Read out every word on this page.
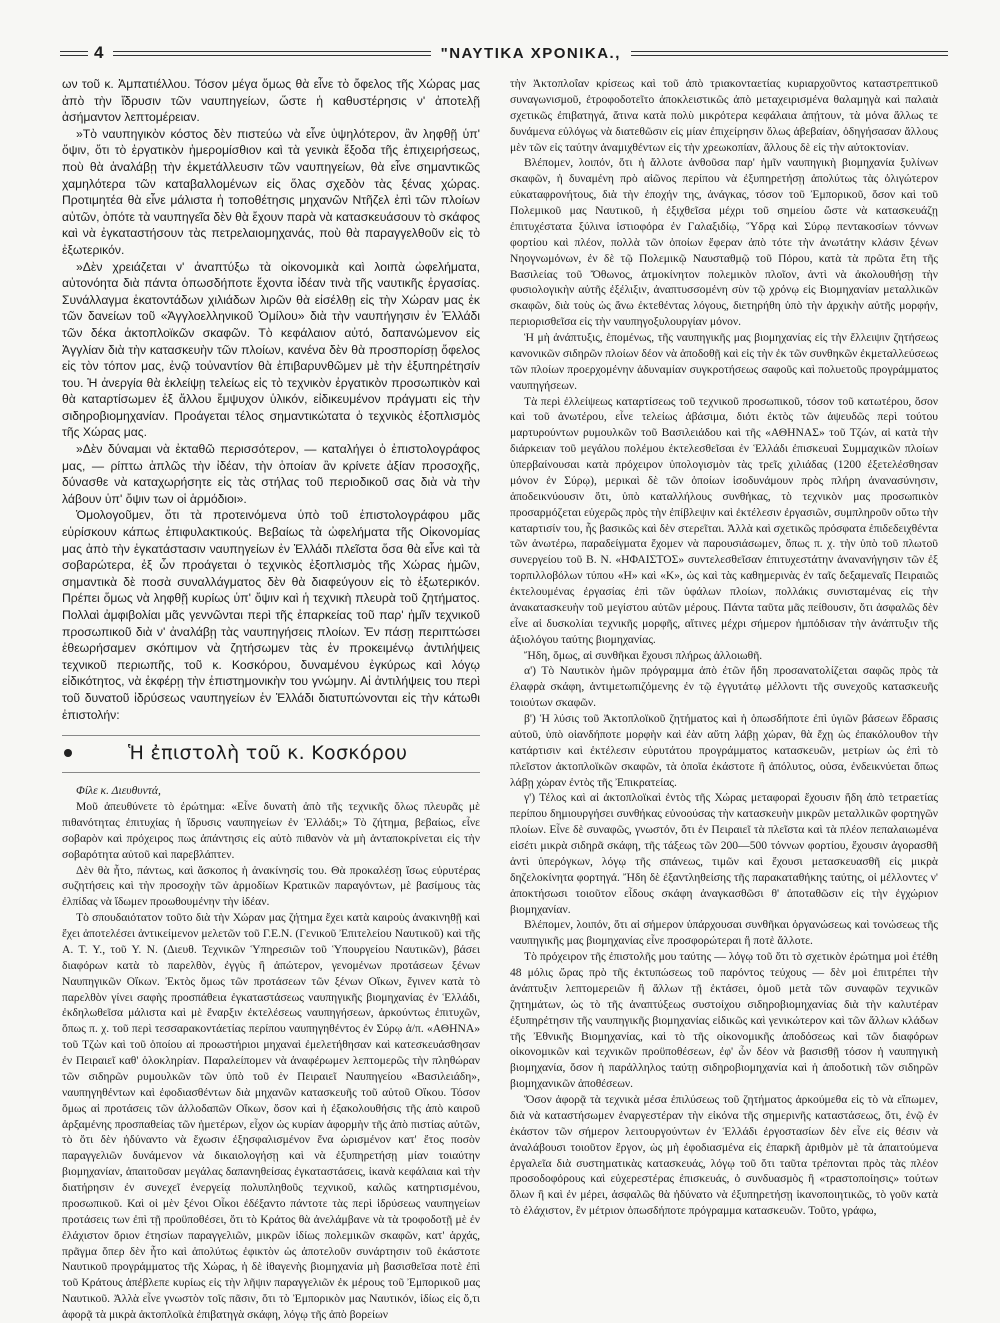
4	"ΝΑΥΤΙΚΑ ΧΡΟΝΙΚΑ.,

ων τοῦ κ. Ἀμπατιέλλου. Τόσον μέγα ὅμως θὰ εἶνε τὸ ὄφελος τῆς Χώρας μας ἀπὸ τὴν ἵδρυσιν τῶν ναυπηγείων, ὥστε ἡ καθυστέρησις ν' ἀποτελῇ ἀσήμαντον λεπτομέρειαν.

»Τὸ ναυπηγικὸν κόστος δὲν πιστεύω νὰ εἶνε ὑψηλότερον, ἂν ληφθῇ ὑπ' ὄψιν, ὅτι τὸ ἐργατικὸν ἡμερομίσθιον καὶ τὰ γενικὰ ἔξοδα τῆς ἐπιχειρήσεως, ποὺ θὰ ἀναλάβῃ τὴν ἐκμετάλλευσιν τῶν ναυπηγείων, θὰ εἶνε σημαντικῶς χαμηλότερα τῶν καταβαλλομένων εἰς ὅλας σχεδὸν τὰς ξένας χώρας. Προτιμητέα θὰ εἶνε μάλιστα ἡ τοποθέτησις μηχανῶν Ντῆζελ ἐπὶ τῶν πλοίων αὐτῶν, ὁπότε τὰ ναυπηγεῖα δὲν θὰ ἔχουν παρὰ νὰ κατασκευάσουν τὸ σκάφος καὶ νὰ ἐγκαταστήσουν τὰς πετρελαιομηχανάς, ποὺ θὰ παραγγελθοῦν εἰς τὸ ἐξωτερικόν.

»Δὲν χρειάζεται ν' ἀναπτύξω τὰ οἰκονομικὰ καὶ λοιπὰ ὠφελήματα, αὐτονόητα διὰ πάντα ὁπωσδήποτε ἔχοντα ἰδέαν τινὰ τῆς ναυτικῆς ἐργασίας. Συνάλλαγμα ἑκατοντάδων χιλιάδων λιρῶν θὰ εἰσέλθῃ εἰς τὴν Χώραν μας ἐκ τῶν δανείων τοῦ «Ἀγγλοελληνικοῦ Ὁμίλου» διὰ τὴν ναυπήγησιν ἐν Ἑλλάδι τῶν δέκα ἀκτοπλοϊκῶν σκαφῶν. Τὸ κεφάλαιον αὐτό, δαπανώμενον εἰς Ἀγγλίαν διὰ τὴν κατασκευὴν τῶν πλοίων, κανένα δὲν θὰ προσπορίσῃ ὄφελος εἰς τὸν τόπον μας, ἐνῷ τοὐναντίον θὰ ἐπιβαρυνθῶμεν μὲ τὴν ἐξυπηρέτησίν του. Ἡ ἀνεργία θὰ ἐκλείψῃ τελείως εἰς τὸ τεχνικὸν ἐργατικὸν προσωπικὸν καὶ θὰ καταρτίσωμεν ἐξ ἄλλου ἔμψυχον ὑλικόν, εἰδικευμένον πράγματι εἰς τὴν σιδηροβιομηχανίαν. Προάγεται τέλος σημαντικώτατα ὁ τεχνικὸς ἐξοπλισμὸς τῆς Χώρας μας.

»Δὲν δύναμαι νὰ ἐκταθῶ περισσότερον, — καταλήγει ὁ ἐπιστολογράφος μας, — ρίπτω ἁπλῶς τὴν ἰδέαν, τὴν ὁποίαν ἂν κρίνετε ἀξίαν προσοχῆς, δύνασθε νὰ καταχωρήσητε εἰς τὰς στήλας τοῦ περιοδικοῦ σας διὰ νὰ τὴν λάβουν ὑπ' ὄψιν των οἱ ἁρμόδιοι».

Ὁμολογοῦμεν, ὅτι τὰ προτεινόμενα ὑπὸ τοῦ ἐπιστολογράφου μᾶς εὑρίσκουν κάπως ἐπιφυλακτικούς. Βεβαίως τὰ ὠφελήματα τῆς Οἰκονομίας μας ἀπὸ τὴν ἐγκατάστασιν ναυπηγείων ἐν Ἑλλάδι πλεῖστα ὅσα θὰ εἶνε καὶ τὰ σοβαρώτερα, ἐξ ὧν προάγεται ὁ τεχνικὸς ἐξοπλισμὸς τῆς Χώρας ἡμῶν, σημαντικὰ δὲ ποσὰ συναλλάγματος δὲν θὰ διαφεύγουν εἰς τὸ ἐξωτερικόν. Πρέπει ὅμως νὰ ληφθῇ κυρίως ὑπ' ὄψιν καὶ ἡ τεχνικὴ πλευρὰ τοῦ ζητήματος. Πολλαὶ ἀμφιβολίαι μᾶς γεννῶνται περὶ τῆς ἐπαρκείας τοῦ παρ' ἡμῖν τεχνικοῦ προσωπικοῦ διὰ ν' ἀναλάβῃ τὰς ναυπηγήσεις πλοίων. Ἐν πάσῃ περιπτώσει ἐθεωρήσαμεν σκόπιμον νὰ ζητήσωμεν τὰς ἐν προκειμένῳ ἀντιλήψεις τεχνικοῦ περιωπῆς, τοῦ κ. Κοσκόρου, δυναμένου ἐγκύρως καὶ λόγῳ εἰδικότητος, νὰ ἐκφέρῃ τὴν ἐπιστημονικὴν του γνώμην. Αἱ ἀντιλήψεις του περὶ τοῦ δυνατοῦ ἱδρύσεως ναυπηγείων ἐν Ἑλλάδι διατυπώνονται εἰς τὴν κάτωθι ἐπιστολήν:

Ἡ ἐπιστολὴ τοῦ κ. Κοσκόρου

Φίλε κ. Διευθυντά,

Μοῦ ἀπευθύνετε τὸ ἐρώτημα: «Εἶνε δυνατὴ ἀπὸ τῆς τεχνικῆς ὅλως πλευρᾶς μὲ πιθανότητας ἐπιτυχίας ἡ ἵδρυσις ναυπηγείων ἐν Ἑλλάδι;» Τὸ ζήτημα, βεβαίως, εἶνε σοβαρὸν καὶ πρόχειρος πως ἀπάντησις εἰς αὐτὸ πιθανὸν νὰ μὴ ἀνταποκρίνεται εἰς τὴν σοβαρότητα αὐτοῦ καὶ παρεβλάπτεν.

Δὲν θὰ ἦτο, πάντως, καὶ ἄσκοπος ἡ ἀνακίνησίς του. Θὰ προκαλέσῃ ἴσως εὐρυτέρας συζητήσεις καὶ τὴν προσοχὴν τῶν ἁρμοδίων Κρατικῶν παραγόντων, μὲ βασίμους τὰς ἐλπίδας νὰ ἴδωμεν προωθουμένην τὴν ἰδέαν.

Τὸ σπουδαιότατον τοῦτο διὰ τὴν Χώραν μας ζήτημα ἔχει κατὰ καιροὺς ἀνακινηθῇ καὶ ἔχει ἀποτελέσει ἀντικείμενον μελετῶν τοῦ Γ.Ε.Ν. (Γενικοῦ Ἐπιτελείου Ναυτικοῦ) καὶ τῆς Α. Τ. Υ., τοῦ Υ. Ν. (Διευθ. Τεχνικῶν Ὑπηρεσιῶν τοῦ Ὑπουργείου Ναυτικῶν), βάσει διαφόρων κατὰ τὸ παρελθὸν, ἐγγὺς ἢ ἀπώτερον, γενομένων προτάσεων ξένων Ναυπηγικῶν Οἴκων. Ἐκτὸς ὅμως τῶν προτάσεων τῶν ξένων Οἴκων, ἔγινεν κατὰ τὸ παρελθὸν γίνει σαφὴς προσπάθεια ἐγκαταστάσεως ναυπηγικῆς βιομηχανίας ἐν Ἑλλάδι, ἐκδηλωθεῖσα μάλιστα καὶ μὲ ἔναρξιν ἐκτελέσεως ναυπηγήσεων, ἀρκούντως ἐπιτυχῶν, ὅπως π. χ. τοῦ περὶ τεσσαρακοντάετίας περίπου ναυπηγηθέντος ἐν Σύρῳ ἀ/π. «ΑΘΗΝΑ» τοῦ Τζὼν καὶ τοῦ ὁποίου αἱ προωστήριοι μηχαναὶ ἐμελετήθησαν καὶ κατεσκευάσθησαν ἐν Πειραιεῖ καθ' ὁλοκληρίαν. Παραλείπομεν νὰ ἀναφέρωμεν λεπτομερῶς τὴν πληθώραν τῶν σιδηρῶν ρυμουλκῶν τῶν ὑπὸ τοῦ ἐν Πειραιεῖ Ναυπηγείου «Βασιλειάδη», ναυπηγηθέντων καὶ ἐφοδιασθέντων διὰ μηχανῶν κατασκευῆς τοῦ αὐτοῦ Οἴκου. Τόσον ὅμως αἱ προτάσεις τῶν ἀλλοδαπῶν Οἴκων, ὅσον καὶ ἡ ἐξακολουθήσις τῆς ἀπὸ καιροῦ ἀρξαμένης προσπαθείας τῶν ἡμετέρων, εἶχον ὡς κυρίαν ἀφορμὴν τῆς ἀπὸ πιστίας αὐτῶν, τὸ ὅτι δὲν ἠδύναντο νὰ ἔχωσιν ἐξησφαλισμένον ἕνα ὡρισμένον κατ' ἔτος ποσὸν παραγγελιῶν δυνάμενον νὰ δικαιολογήσῃ καὶ νὰ ἐξυπηρετήσῃ μίαν τοιαύτην βιομηχανίαν, ἀπαιτοῦσαν μεγάλας δαπανηθείσας ἐγκαταστάσεις, ἱκανὰ κεφάλαια καὶ τὴν διατήρησιν ἐν συνεχεῖ ἐνεργείᾳ πολυπληθοῦς τεχνικοῦ, καλῶς κατηρτισμένου, προσωπικοῦ. Καὶ οἱ μὲν ξένοι Οἶκοι ἐδέξαντο πάντοτε τὰς περὶ ἱδρύσεως ναυπηγείων προτάσεις των ἐπὶ τῇ προϋποθέσει, ὅτι τὸ Κράτος θὰ ἀνελάμβανε νὰ τὰ τροφοδοτῇ μὲ ἐν ἐλάχιστον ὅριον ἐτησίων παραγγελιῶν, μικρῶν ἰδίως πολεμικῶν σκαφῶν, κατ' ἀρχάς, πρᾶγμα ὅπερ δὲν ἦτο καὶ ἀπολύτως ἐφικτὸν ὡς ἀποτελοῦν συνάρτησιν τοῦ ἐκάστοτε Ναυτικοῦ προγράμματος τῆς Χώρας, ἡ δὲ ἰθαγενὴς βιομηχανία μὴ βασισθεῖσα ποτὲ ἐπὶ τοῦ Κράτους ἀπέβλεπε κυρίως εἰς τὴν λῆψιν παραγγελιῶν ἐκ μέρους τοῦ Ἐμπορικοῦ μας Ναυτικοῦ. Ἀλλὰ εἶνε γνωστὸν τοῖς πᾶσιν, ὅτι τὸ Ἐμπορικὸν μας Ναυτικόν, ἰδίως εἰς ὅ,τι ἀφορᾷ τὰ μικρὰ ἀκτοπλοϊκὰ ἐπιβατηγὰ σκάφη, λόγῳ τῆς ἀπὸ βορείων

τὴν Ἀκτοπλοΐαν κρίσεως καὶ τοῦ ἀπὸ τριακονταετίας κυριαρχοῦντος καταστρεπτικοῦ συναγωνισμοῦ, ἐτροφοδοτεῖτο ἀποκλειστικῶς ἀπὸ μεταχειρισμένα θαλαμηγὰ καὶ παλαιὰ σχετικῶς ἐπιβατηγά, ἅτινα κατὰ πολὺ μικρότερα κεφάλαια ἀπῄτουν, τὰ μόνα ἄλλως τε δυνάμενα εὐλόγως νὰ διατεθῶσιν εἰς μίαν ἐπιχείρησιν ὅλως ἀβεβαίαν, ὁδηγήσασαν ἄλλους μὲν τῶν εἰς ταύτην ἀναμιχθέντων εἰς τὴν χρεωκοπίαν, ἄλλους δὲ εἰς τὴν αὐτοκτονίαν.

Βλέπομεν, λοιπόν, ὅτι ἡ ἄλλοτε ἀνθοῦσα παρ' ἡμῖν ναυπηγικὴ βιομηχανία ξυλίνων σκαφῶν, ἡ δυναμένη πρὸ αἰῶνος περίπου νὰ ἐξυπηρετήσῃ ἀπολύτως τὰς ὀλιγώτερον εὐκαταφρονήτους, διὰ τὴν ἐποχήν της, ἀνάγκας, τόσον τοῦ Ἐμπορικοῦ, ὅσον καὶ τοῦ Πολεμικοῦ μας Ναυτικοῦ, ἡ ἐξιχθεῖσα μέχρι τοῦ σημείου ὥστε νὰ κατασκευάζῃ ἐπιτυχέστατα ξύλινα ἱστιοφόρα ἐν Γαλαξιδίῳ, Ὕδρᾳ καὶ Σύρῳ πεντακοσίων τόννων φορτίου καὶ πλέον, πολλὰ τῶν ὁποίων ἔφεραν ἀπὸ τότε τὴν ἀνωτάτην κλάσιν ξένων Νηογνωμόνων, ἐν δὲ τῷ Πολεμικῷ Ναυσταθμῷ τοῦ Πόρου, κατὰ τὰ πρῶτα ἔτη τῆς Βασιλείας τοῦ Ὄθωνος, ἀτμοκίνητον πολεμικὸν πλοῖον, ἀντὶ νὰ ἀκολουθήσῃ τὴν φυσιολογικὴν αὐτῆς ἐξέλιξιν, ἀναπτυσσομένη σὺν τῷ χρόνῳ εἰς Βιομηχανίαν μεταλλικῶν σκαφῶν, διὰ τοὺς ὡς ἄνω ἐκτεθέντας λόγους, διετηρήθη ὑπὸ τὴν ἀρχικὴν αὐτῆς μορφήν, περιορισθεῖσα εἰς τὴν ναυπηγοξυλουργίαν μόνον.

Ἡ μὴ ἀνάπτυξις, ἑπομένως, τῆς ναυπηγικῆς μας βιομηχανίας εἰς τὴν ἔλλειψιν ζητήσεως κανονικῶν σιδηρῶν πλοίων δέον νὰ ἀποδοθῇ καὶ εἰς τὴν ἐκ τῶν συνθηκῶν ἐκμεταλλεύσεως τῶν πλοίων προερχομένην ἀδυναμίαν συγκροτήσεως σαφοῦς καὶ πολυετοῦς προγράμματος ναυπηγήσεων.

Τὰ περὶ ἐλλείψεως καταρτίσεως τοῦ τεχνικοῦ προσωπικοῦ, τόσον τοῦ κατωτέρου, ὅσον καὶ τοῦ ἀνωτέρου, εἶνε τελείως ἀβάσιμα, διότι ἐκτὸς τῶν ἀψευδῶς περὶ τούτου μαρτυρούντων ρυμουλκῶν τοῦ Βασιλειάδου καὶ τῆς «ΑΘΗΝΑΣ» τοῦ Τζών, αἱ κατὰ τὴν διάρκειαν τοῦ μεγάλου πολέμου ἐκτελεσθεῖσαι ἐν Ἑλλάδι ἐπισκευαὶ Συμμαχικῶν πλοίων ὑπερβαίνουσαι κατὰ πρόχειρον ὑπολογισμὸν τὰς τρεῖς χιλιάδας (1200 ἐξετελέσθησαν μόνον ἐν Σύρῳ), μερικαὶ δὲ τῶν ὁποίων ἰσοδυνάμουν πρὸς πλήρη ἀνανασύνησιν, ἀποδεικνύουσιν ὅτι, ὑπὸ καταλλήλους συνθήκας, τὸ τεχνικὸν μας προσωπικὸν προσαρμόζεται εὐχερῶς πρὸς τὴν ἐπίβλεψιν καὶ ἐκτέλεσιν ἐργασιῶν, συμπληροῦν οὕτω τὴν καταρτισίν του, ἧς βασικῶς καὶ δὲν στερεῖται. Ἀλλὰ καὶ σχετικῶς πρόσφατα ἐπιδεδειχθέντα τῶν ἀνωτέρω, παραδείγματα ἔχομεν νὰ παρουσιάσωμεν, ὅπως π. χ. τὴν ὑπὸ τοῦ πλωτοῦ συνεργείου τοῦ Β. Ν. «ΗΦΑΙΣΤΟΣ» συντελεσθεῖσαν ἐπιτυχεστάτην ἀνανανήγησιν τῶν ἐξ τορπιλλοβόλων τύπου «Η» καὶ «Κ», ὡς καὶ τὰς καθημερινὰς ἐν ταῖς δεξαμεναῖς Πειραιῶς ἐκτελουμένας ἐργασίας ἐπὶ τῶν ὑφάλων πλοίων, πολλάκις συνισταμένας εἰς τὴν ἀνακατασκευὴν τοῦ μεγίστου αὐτῶν μέρους. Πάντα ταῦτα μᾶς πείθουσιν, ὅτι ἀσφαλῶς δὲν εἶνε αἱ δυσκολίαι τεχνικῆς μορφῆς, αἵτινες μέχρι σήμερον ἠμπόδισαν τὴν ἀνάπτυξιν τῆς ἀξιολόγου ταύτης βιομηχανίας.

Ἤδη, ὅμως, αἱ συνθῆκαι ἔχουσι πλήρως ἀλλοιωθῆ.

α') Τὸ Ναυτικὸν ἡμῶν πρόγραμμα ἀπὸ ἐτῶν ἤδη προσανατολίζεται σαφῶς πρὸς τὰ ἐλαφρὰ σκάφη, ἀντιμετωπιζόμενης ἐν τῷ ἐγγυτάτῳ μέλλοντι τῆς συνεχοῦς κατασκευῆς τοιούτων σκαφῶν.

β') Ἡ λύσις τοῦ Ἀκτοπλοϊκοῦ ζητήματος καὶ ἡ ὁπωσδήποτε ἐπὶ ὑγιῶν βάσεων ἕδρασις αὐτοῦ, ὑπὸ οἱανδήποτε μορφὴν καὶ ἐὰν αὕτη λάβῃ χώραν, θὰ ἔχῃ ὡς ἐπακόλουθον τὴν κατάρτισιν καὶ ἐκτέλεσιν εὐρυτάτου προγράμματος κατασκευῶν, μετρίων ὡς ἐπὶ τὸ πλεῖστον ἀκτοπλοϊκῶν σκαφῶν, τὰ ὁποῖα ἐκάστοτε ἢ ἀπόλυτος, οὐσα, ἐνδεικνύεται ὅπως λάβῃ χώραν ἐντὸς τῆς Ἐπικρατείας.

γ') Τέλος καὶ αἱ ἀκτοπλοϊκαὶ ἐντὸς τῆς Χώρας μεταφοραὶ ἔχουσιν ἤδη ἀπὸ τετραετίας περίπου δημιουργήσει συνθήκας εὐνοούσας τὴν κατασκευὴν μικρῶν μεταλλικῶν φορτηγῶν πλοίων. Εἶνε δὲ συναφῶς, γνωστόν, ὅτι ἐν Πειραιεῖ τὰ πλεῖστα καὶ τὰ πλέον πεπαλαιωμένα εἰσέτι μικρὰ σιδηρᾶ σκάφη, τῆς τάξεως τῶν 200—500 τόννων φορτίου, ἔχουσιν ἀγορασθῆ ἀντὶ ὑπερόγκων, λόγῳ τῆς σπάνεως, τιμῶν καὶ ἔχουσι μετασκευασθῆ εἰς μικρὰ δηζελοκίνητα φορτηγά. Ἤδη δὲ ἐξαντληθείσης τῆς παρακαταθήκης ταύτης, οἱ μέλλοντες ν' ἀποκτήσωσι τοιοῦτον εἶδους σκάφη ἀναγκασθῶσι θ' ἀποταθῶσιν εἰς τὴν ἐγχώριον βιομηχανίαν.

Βλέπομεν, λοιπόν, ὅτι αἱ σήμερον ὑπάρχουσαι συνθῆκαι ὀργανώσεως καὶ τονώσεως τῆς ναυπηγικῆς μας βιομηχανίας εἶνε προσφορώτεραι ἢ ποτὲ ἄλλοτε.

Τὸ πρόχειρον τῆς ἐπιστολῆς μου ταύτης — λόγῳ τοῦ ὅτι τὸ σχετικὸν ἐρώτημα μοὶ ἐτέθη 48 μόλις ὥρας πρὸ τῆς ἐκτυπώσεως τοῦ παρόντος τεύχους — δὲν μοὶ ἐπιτρέπει τὴν ἀνάπτυξιν λεπτομερειῶν ἢ ἄλλων τῇ ἐκτάσει, ὁμοῦ μετὰ τῶν συναφῶν τεχνικῶν ζητημάτων, ὡς τὸ τῆς ἀναπτύξεως συστοίχου σιδηροβιομηχανίας διὰ τὴν καλυτέραν ἐξυπηρέτησιν τῆς ναυπηγικῆς βιομηχανίας εἰδικῶς καὶ γενικώτερον καὶ τῶν ἄλλων κλάδων τῆς Ἐθνικῆς Βιομηχανίας, καὶ τὸ τῆς οἰκονομικῆς ἀποδόσεως καὶ τῶν διαφόρων οἰκονομικῶν καὶ τεχνικῶν προϋποθέσεων, ἐφ' ὧν δέον νὰ βασισθῇ τόσον ἡ ναυπηγικὴ βιομηχανία, ὅσον ἡ παράλληλος ταύτῃ σιδηροβιομηχανία καὶ ἡ ἀποδοτικὴ τῶν σιδηρῶν βιομηχανικῶν ἀποθέσεων.

Ὅσον ἀφορᾷ τὰ τεχνικὰ μέσα ἐπιλύσεως τοῦ ζητήματος ἀρκούμεθα εἰς τὸ νὰ εἴπωμεν, διὰ νὰ καταστήσωμεν ἐναργεστέραν τὴν εἰκόνα τῆς σημερινῆς καταστάσεως, ὅτι, ἐνῷ ἐν ἑκάστον τῶν σήμερον λειτουργούντων ἐν Ἑλλάδι ἐργοστασίων δὲν εἶνε εἰς θέσιν νὰ ἀναλάβουσι τοιοῦτον ἔργον, ὡς μὴ ἐφοδιασμένα εἰς ἐπαρκῆ ἀριθμὸν μὲ τὰ ἀπαιτούμενα ἐργαλεῖα διὰ συστηματικὰς κατασκευάς, λόγῳ τοῦ ὅτι ταῦτα τρέπονται πρὸς τὰς πλέον προσοδοφόρους καὶ εὐχερεστέρας ἐπισκευάς, ὁ συνδυασμὸς ἢ «τραστοποίησις» τούτων ὅλων ἢ καὶ ἐν μέρει, ἀσφαλῶς θὰ ἠδύνατο νὰ ἐξυπηρετήσῃ ἱκανοποιητικῶς, τὸ γοῦν κατὰ τὸ ἐλάχιστον, ἓν μέτριον ὁπωσδήποτε πρόγραμμα κατασκευῶν. Τοῦτο, γράφω,
